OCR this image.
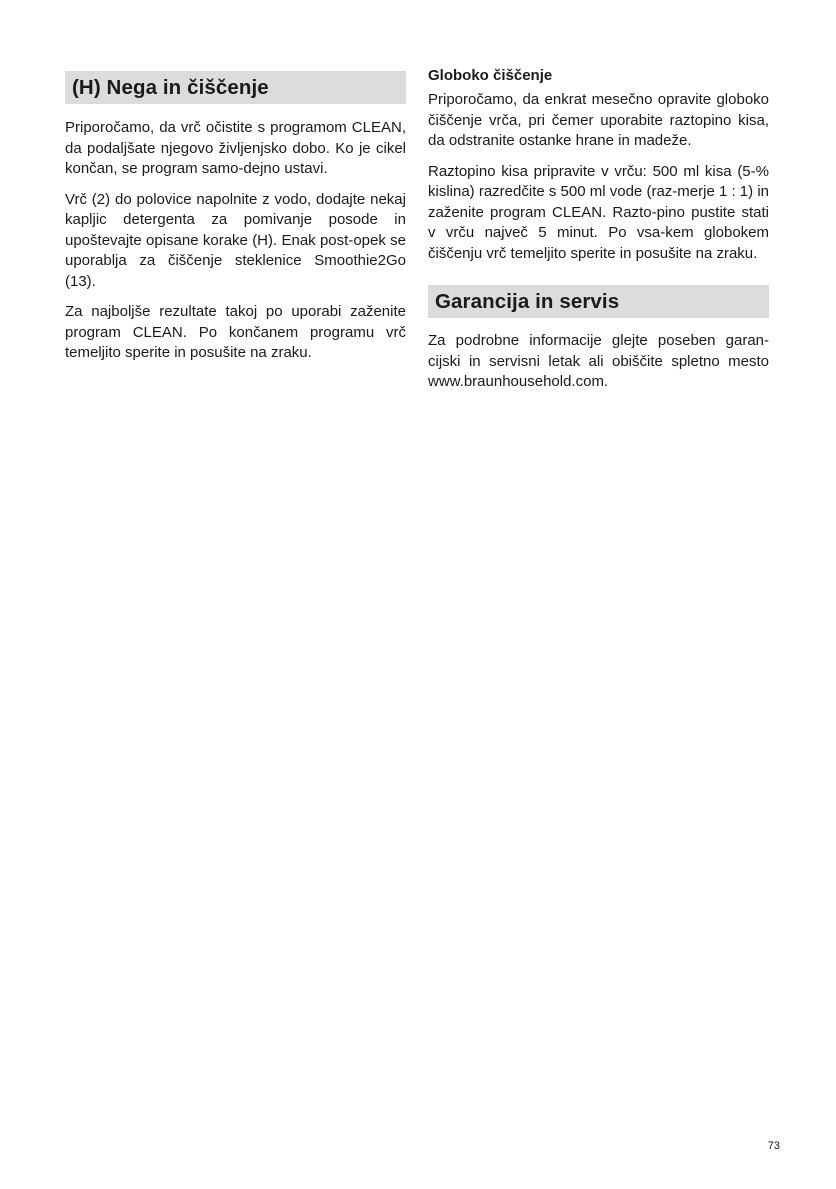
(H) Nega in čiščenje

Priporočamo, da vrč očistite s programom CLEAN, da podaljšate njegovo življenjsko dobo. Ko je cikel končan, se program samo-dejno ustavi.

Vrč (2) do polovice napolnite z vodo, dodajte nekaj kapljic detergenta za pomivanje posode in upoštevajte opisane korake (H). Enak post-opek se uporablja za čiščenje steklenice Smoothie2Go (13).

Za najboljše rezultate takoj po uporabi zaženite program CLEAN. Po končanem programu vrč temeljito sperite in posušite na zraku.

Globoko čiščenje

Priporočamo, da enkrat mesečno opravite globoko čiščenje vrča, pri čemer uporabite raztopino kisa, da odstranite ostanke hrane in madeže.

Raztopino kisa pripravite v vrču: 500 ml kisa (5-% kislina) razredčite s 500 ml vode (raz-merje 1 : 1) in zaženite program CLEAN. Razto-pino pustite stati v vrču največ 5 minut. Po vsa-kem globokem čiščenju vrč temeljito sperite in posušite na zraku.

Garancija in servis

Za podrobne informacije glejte poseben garan-cijski in servisni letak ali obiščite spletno mesto www.braunhousehold.com.

73
